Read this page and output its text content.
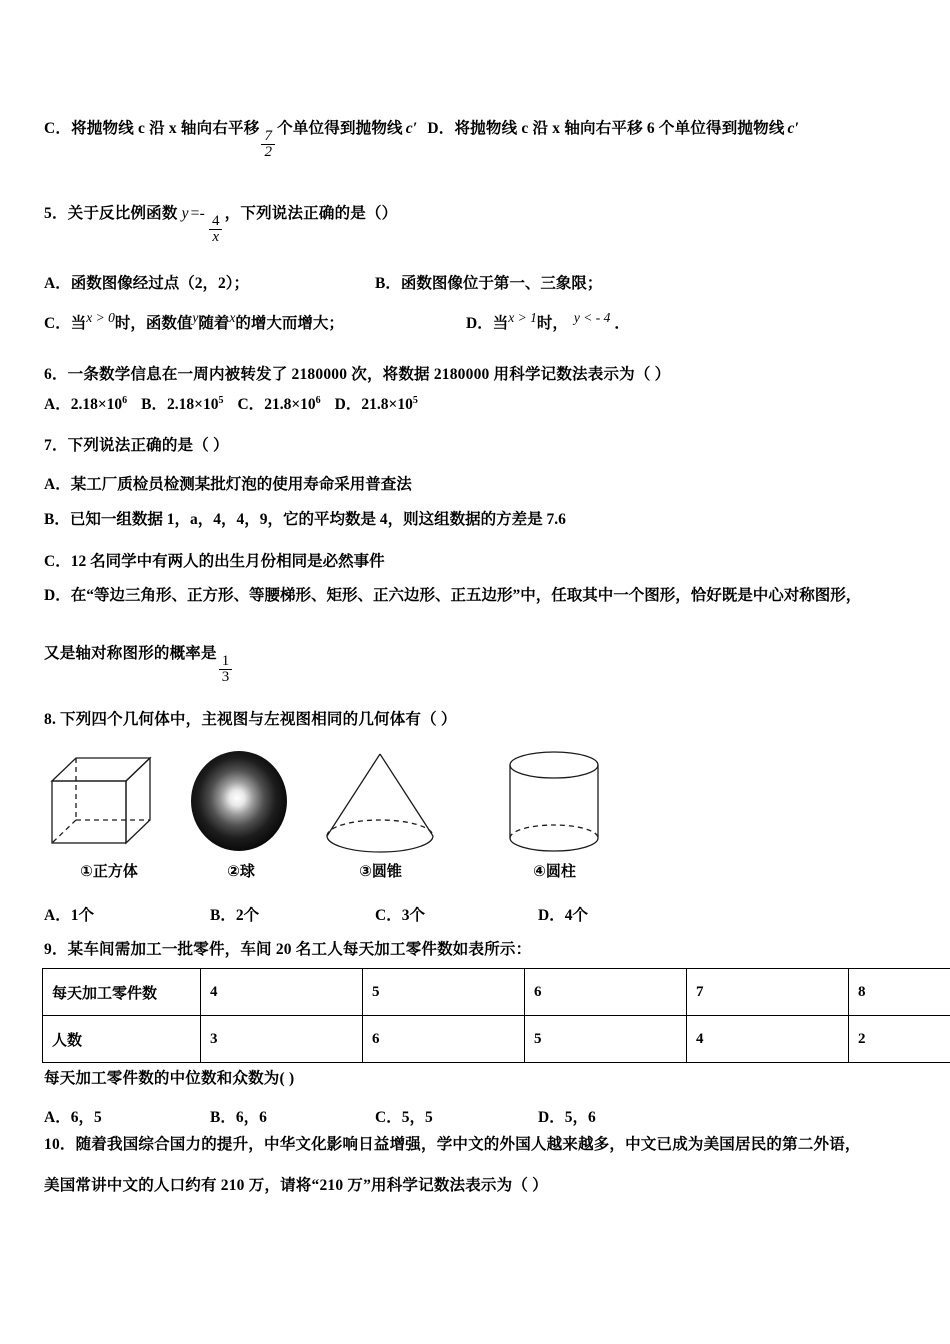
C．将抛物线 c 沿 x 轴向右平移 $\frac{7}{2}$ 个单位得到抛物线 c′ D．将抛物线 c 沿 x 轴向右平移 6 个单位得到抛物线 c′
5．关于反比例函数 $y =- \frac{4}{x}$ ，下列说法正确的是（）
A．函数图像经过点（2，2）；	B．函数图像位于第一、三象限；
C．当x > 0时，函数值y随着x的增大而增大；	D．当x > 1时， y < - 4 ．
6．一条数学信息在一周内被转发了 2180000 次，将数据 2180000 用科学记数法表示为（ ）
A．$2.18\times 10^6$ B．$2.18\times 10^5$ C．$21.8\times 10^6$ D．$21.8\times 10^5$
7．下列说法正确的是（ ）
A．某工厂质检员检测某批灯泡的使用寿命采用普查法
B．已知一组数据 1，a，4，4，9，它的平均数是 4，则这组数据的方差是 7.6
C．12 名同学中有两人的出生月份相同是必然事件
D．在“等边三角形、正方形、等腰梯形、矩形、正六边形、正五边形”中，任取其中一个图形，恰好既是中心对称图形，
又是轴对称图形的概率是 $\frac{1}{3}$
8. 下列四个几何体中，主视图与左视图相同的几何体有（ ）
①正方体	②球	③圆锥	④圆柱
A．1个	B．2个	C．3个	D．4个
9．某车间需加工一批零件，车间 20 名工人每天加工零件数如表所示：
每天加工零件数	4	5	6	7	8
人数	3	6	5	4	2
每天加工零件数的中位数和众数为( )
A．6，5	B．6，6	C．5，5	D．5，6
10．随着我国综合国力的提升，中华文化影响日益增强，学中文的外国人越来越多，中文已成为美国居民的第二外语，
美国常讲中文的人口约有 210 万，请将“210 万”用科学记数法表示为（ ）
